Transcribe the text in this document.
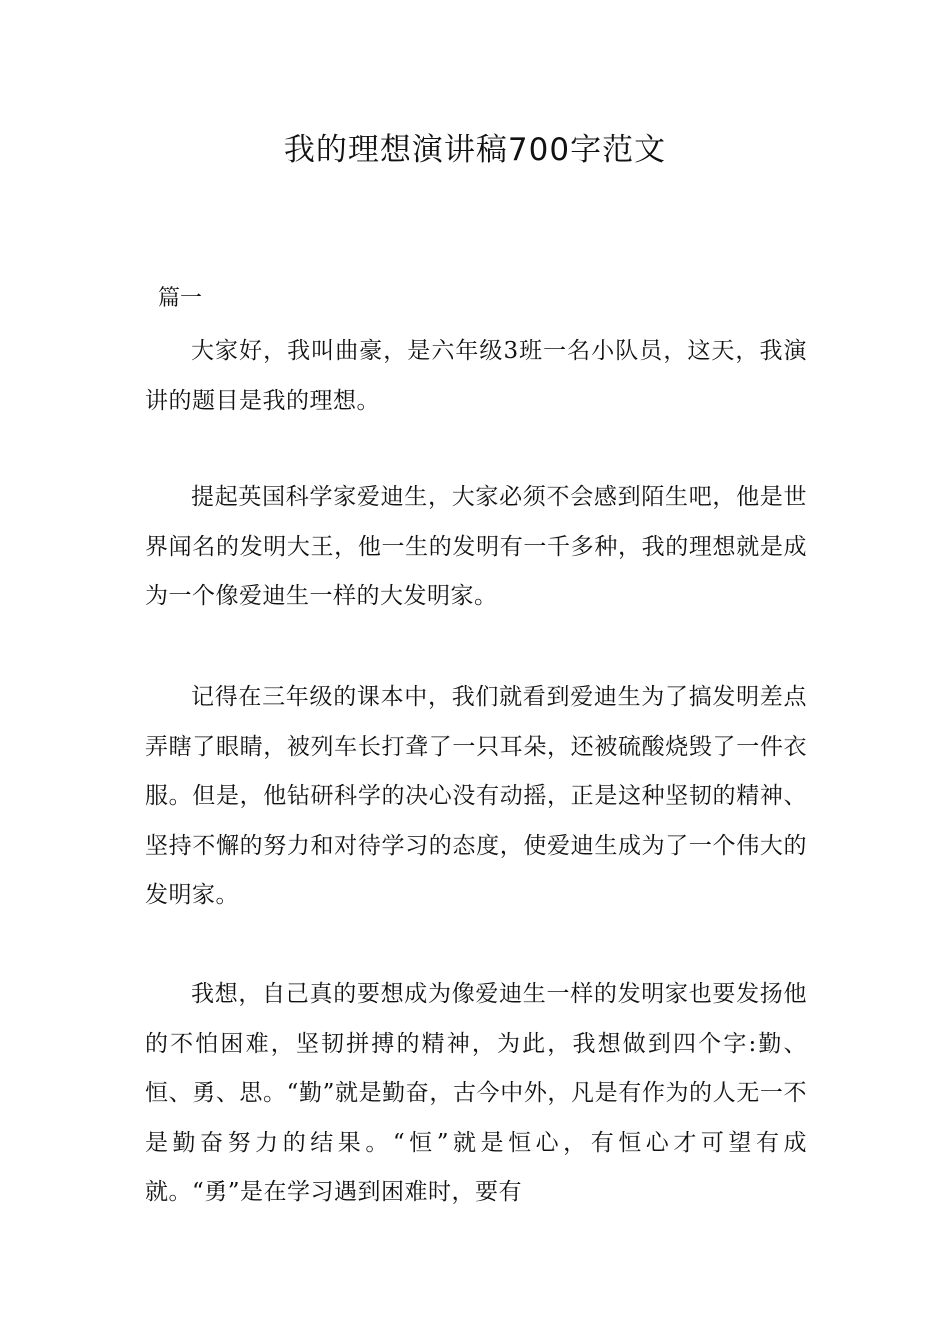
我的理想演讲稿700字范文

篇一

大家好，我叫曲豪，是六年级3班一名小队员，这天，我演讲的题目是我的理想。

提起英国科学家爱迪生，大家必须不会感到陌生吧，他是世界闻名的发明大王，他一生的发明有一千多种，我的理想就是成为一个像爱迪生一样的大发明家。

记得在三年级的课本中，我们就看到爱迪生为了搞发明差点弄瞎了眼睛，被列车长打聋了一只耳朵，还被硫酸烧毁了一件衣服。但是，他钻研科学的决心没有动摇，正是这种坚韧的精神、坚持不懈的努力和对待学习的态度，使爱迪生成为了一个伟大的发明家。

我想，自己真的要想成为像爱迪生一样的发明家也要发扬他的不怕困难，坚韧拼搏的精神，为此，我想做到四个字:勤、恒、勇、思。“勤”就是勤奋，古今中外，凡是有作为的人无一不是勤奋努力的结果。“恒”就是恒心，有恒心才可望有成就。“勇”是在学习遇到困难时，要有
